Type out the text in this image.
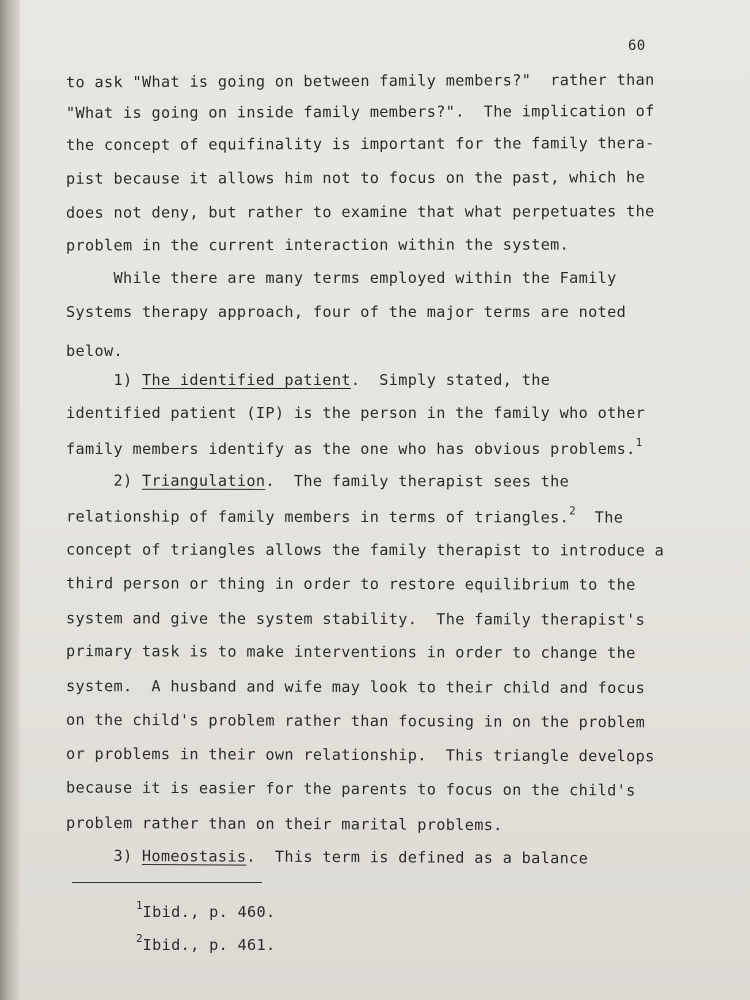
60
to ask "What is going on between family members?"  rather than
"What is going on inside family members?".  The implication of
the concept of equifinality is important for the family thera-
pist because it allows him not to focus on the past, which he
does not deny, but rather to examine that what perpetuates the
problem in the current interaction within the system.
While there are many terms employed within the Family
Systems therapy approach, four of the major terms are noted
below.
1) The identified patient.  Simply stated, the
identified patient (IP) is the person in the family who other
family members identify as the one who has obvious problems.$^1$
2) Triangulation.  The family therapist sees the
relationship of family members in terms of triangles.$^2$  The
concept of triangles allows the family therapist to introduce a
third person or thing in order to restore equilibrium to the
system and give the system stability.  The family therapist's
primary task is to make interventions in order to change the
system.  A husband and wife may look to their child and focus
on the child's problem rather than focusing in on the problem
or problems in their own relationship.  This triangle develops
because it is easier for the parents to focus on the child's
problem rather than on their marital problems.
3) Homeostasis.  This term is defined as a balance
$^1$Ibid., p. 460.
$^2$Ibid., p. 461.
